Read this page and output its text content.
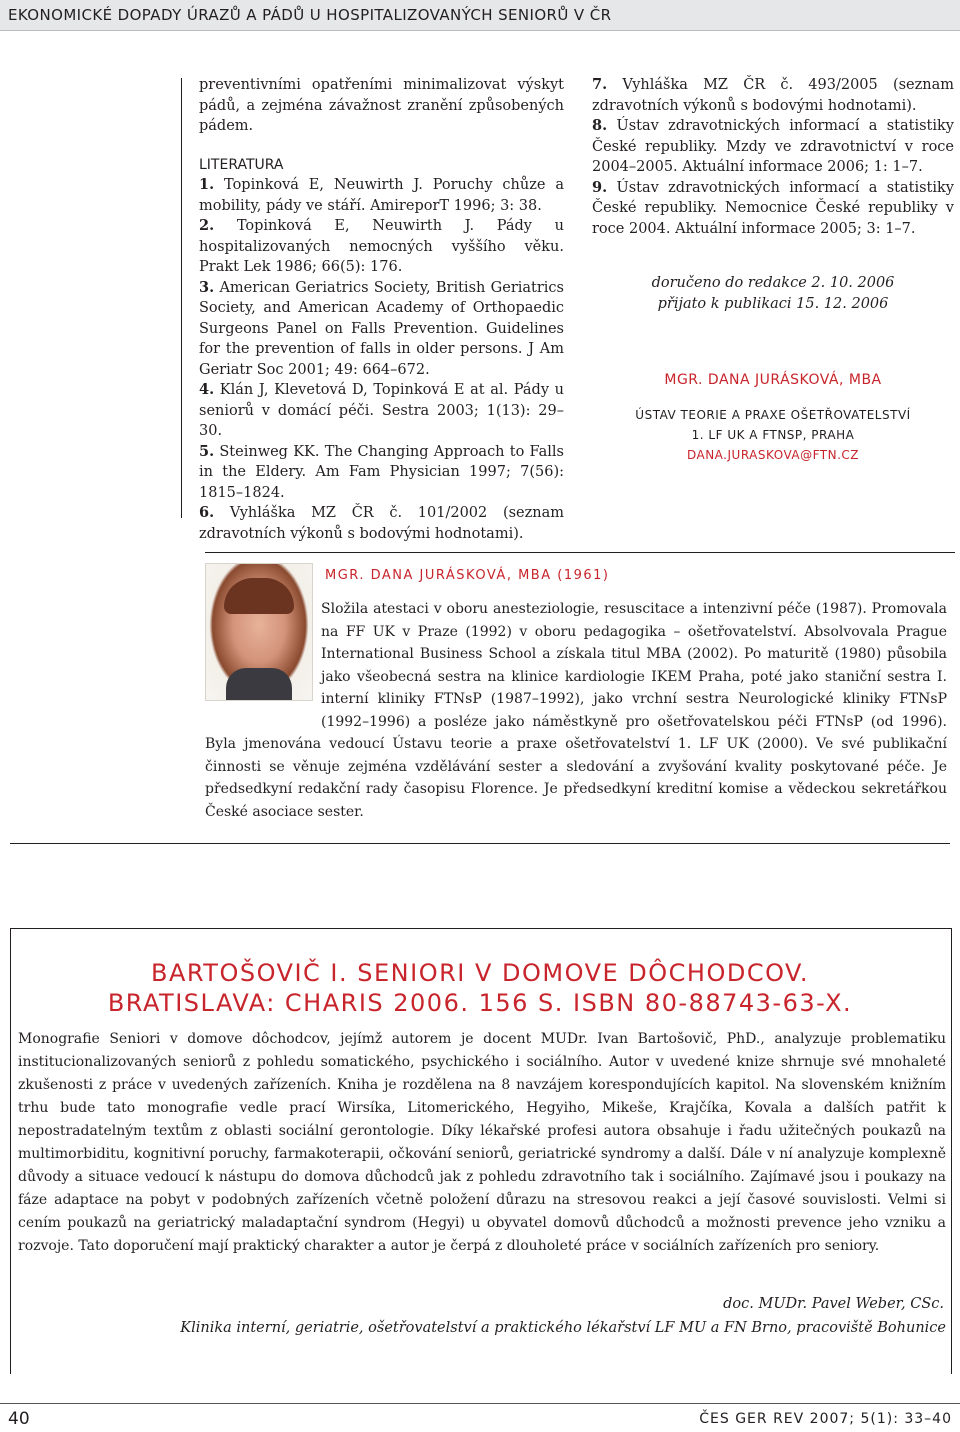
EKONOMICKÉ DOPADY ÚRAZŮ A PÁDŮ U HOSPITALIZOVANÝCH SENIORŮ V ČR

preventivními opatřeními minimalizovat výskyt pádů, a zejména závažnost zranění způsobených pádem.

LITERATURA

1. Topinková E, Neuwirth J. Poruchy chůze a mobility, pády ve stáří. AmireporT 1996; 3: 38.

2. Topinková E, Neuwirth J. Pády u hospitalizovaných nemocných vyššího věku. Prakt Lek 1986; 66(5): 176.

3. American Geriatrics Society, British Geriatrics Society, and American Academy of Orthopaedic Surgeons Panel on Falls Prevention. Guidelines for the prevention of falls in older persons. J Am Geriatr Soc 2001; 49: 664–672.

4. Klán J, Klevetová D, Topinková E at al. Pády u seniorů v domácí péči. Sestra 2003; 1(13): 29–30.

5. Steinweg KK. The Changing Approach to Falls in the Eldery. Am Fam Physician 1997; 7(56): 1815–1824.

6. Vyhláška MZ ČR č. 101/2002 (seznam zdravotních výkonů s bodovými hodnotami).

7. Vyhláška MZ ČR č. 493/2005 (seznam zdravotních výkonů s bodovými hodnotami).

8. Ústav zdravotnických informací a statistiky České republiky. Mzdy ve zdravotnictví v roce 2004–2005. Aktuální informace 2006; 1: 1–7.

9. Ústav zdravotnických informací a statistiky České republiky. Nemocnice České republiky v roce 2004. Aktuální informace 2005; 3: 1–7.

doručeno do redakce 2. 10. 2006

přijato k publikaci 15. 12. 2006

MGR. DANA JURÁSKOVÁ, MBA

ÚSTAV TEORIE A PRAXE OŠETŘOVATELSTVÍ

1. LF UK A FTNSP, PRAHA

DANA.JURASKOVA@FTN.CZ

MGR. DANA JURÁSKOVÁ, MBA (1961)
Složila atestaci v oboru anesteziologie, resuscitace a intenzivní péče (1987). Promovala na FF UK v Praze (1992) v oboru pedagogika – ošetřovatelství. Absolvovala Prague International Business School a získala titul MBA (2002). Po maturitě (1980) působila jako všeobecná sestra na klinice kardiologie IKEM Praha, poté jako staniční sestra I. interní kliniky FTNsP (1987–1992), jako vrchní sestra Neurologické kliniky FTNsP (1992–1996) a posléze jako náměstkyně pro ošetřovatelskou péči FTNsP (od 1996). Byla jmenována vedoucí Ústavu teorie a praxe ošetřovatelství 1. LF UK (2000). Ve své publikační činnosti se věnuje zejména vzdělávání sester a sledování a zvyšování kvality poskytované péče. Je předsedkyní redakční rady časopisu Florence. Je předsedkyní kreditní komise a vědeckou sekretářkou České asociace sester.
BARTOŠOVIČ I. SENIORI V DOMOVE DÔCHODCOV.
BRATISLAVA: CHARIS 2006. 156 S. ISBN 80-88743-63-X.
Monografie Seniori v domove dôchodcov, jejímž autorem je docent MUDr. Ivan Bartošovič, PhD., analyzuje problematiku institucionalizovaných seniorů z pohledu somatického, psychického i sociálního. Autor v uvedené knize shrnuje své mnohaleté zkušenosti z práce v uvedených zařízeních. Kniha je rozdělena na 8 navzájem korespondujících kapitol. Na slovenském knižním trhu bude tato monografie vedle prací Wirsíka, Litomerického, Hegyiho, Mikeše, Krajčíka, Kovala a dalších patřit k nepostradatelným textům z oblasti sociální gerontologie. Díky lékařské profesi autora obsahuje i řadu užitečných poukazů na multimorbiditu, kognitivní poruchy, farmakoterapii, očkování seniorů, geriatrické syndromy a další. Dále v ní analyzuje komplexně důvody a situace vedoucí k nástupu do domova důchodců jak z pohledu zdravotního tak i sociálního. Zajímavé jsou i poukazy na fáze adaptace na pobyt v podobných zařízeních včetně položení důrazu na stresovou reakci a její časové souvislosti. Velmi si cením poukazů na geriatrický maladaptační syndrom (Hegyi) u obyvatel domovů důchodců a možnosti prevence jeho vzniku a rozvoje. Tato doporučení mají praktický charakter a autor je čerpá z dlouholeté práce v sociálních zařízeních pro seniory.
doc. MUDr. Pavel Weber, CSc.
Klinika interní, geriatrie, ošetřovatelství a praktického lékařství LF MU a FN Brno, pracoviště Bohunice
40	ČES GER REV 2007; 5(1): 33–40
